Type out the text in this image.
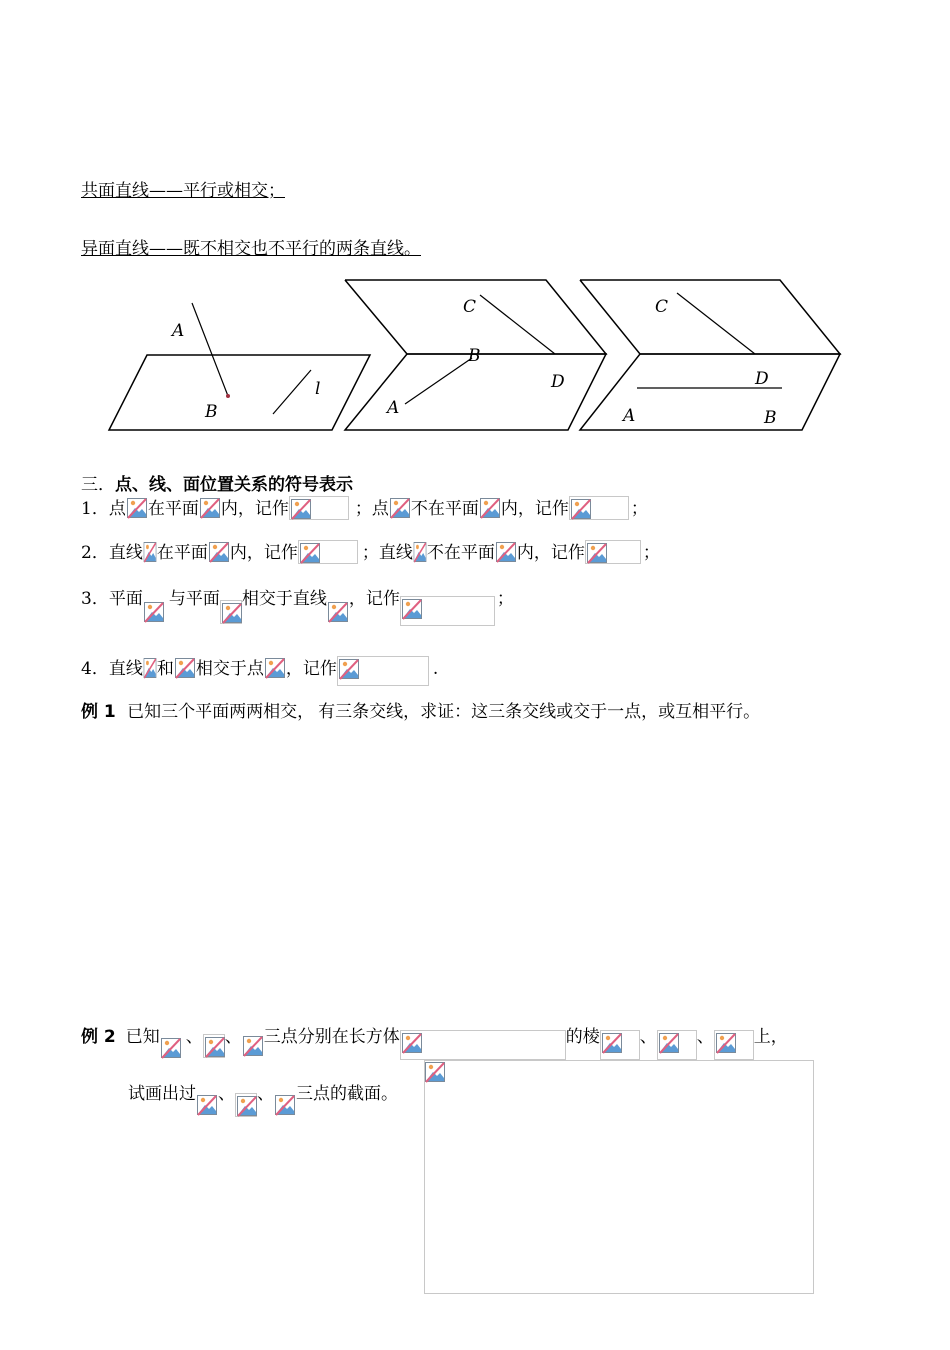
共面直线——平行或相交；
异面直线——既不相交也不平行的两条直线。
A
B
l
C
B
D
A
C
D
A	B
三．点、线、面位置关系的符号表示
1． 点 在平面 内，记作	；点 不在平面 内，记作	；
2． 直线 在平面 内，记作	；直线 不在平面 内，记作	；
3． 平面 与平面 相交于直线 ，记作	；
4． 直线 和 相交于点 ，记作	.
例 1 已知三个平面两两相交， 有三条交线，求证：这三条交线或交于一点，或互相平行。
例 2 已知 、 、 三点分别在长方体	的棱 、 、 上，
试画出过 、 、 三点的截面。
